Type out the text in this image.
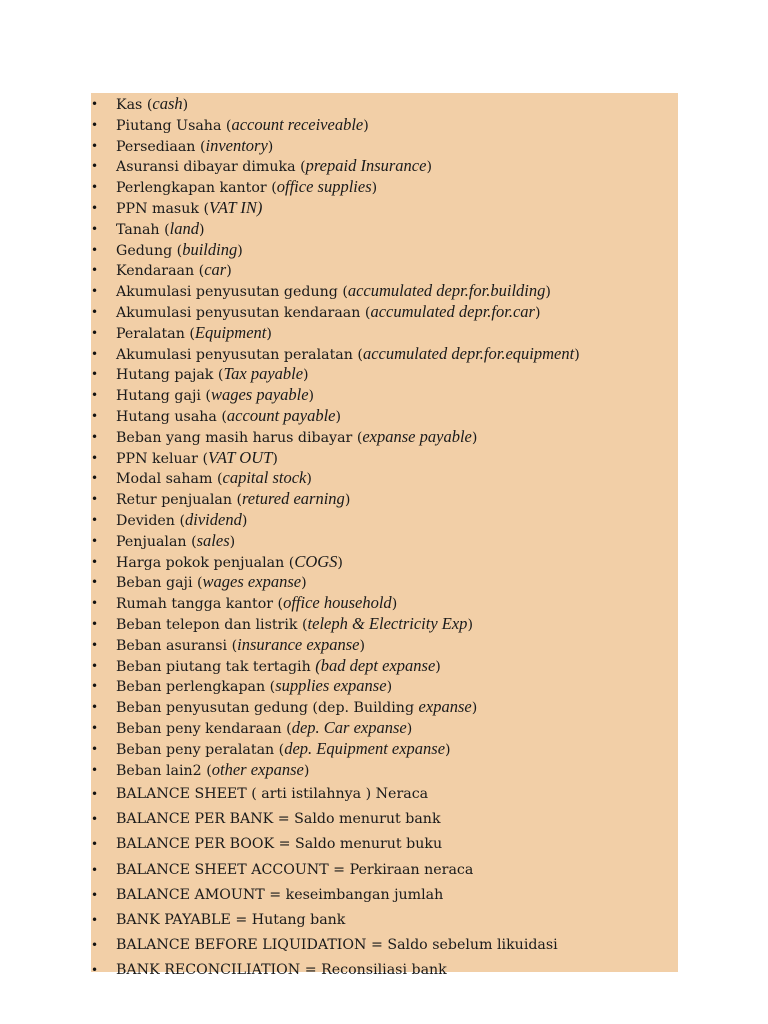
• Kas (cash)
• Piutang Usaha (account receiveable)
• Persediaan (inventory)
• Asuransi dibayar dimuka (prepaid Insurance)
• Perlengkapan kantor (office supplies)
• PPN masuk (VAT IN)
• Tanah (land)
• Gedung (building)
• Kendaraan (car)
• Akumulasi penyusutan gedung (accumulated depr.for.building)
• Akumulasi penyusutan kendaraan (accumulated depr.for.car)
• Peralatan (Equipment)
• Akumulasi penyusutan peralatan (accumulated depr.for.equipment)
• Hutang pajak (Tax payable)
• Hutang gaji (wages payable)
• Hutang usaha (account payable)
• Beban yang masih harus dibayar (expanse payable)
• PPN keluar (VAT OUT)
• Modal saham (capital stock)
• Retur penjualan (retured earning)
• Deviden (dividend)
• Penjualan (sales)
• Harga pokok penjualan (COGS)
• Beban gaji (wages expanse)
• Rumah tangga kantor (office household)
• Beban telepon dan listrik (teleph & Electricity Exp)
• Beban asuransi (insurance expanse)
• Beban piutang tak tertagih (bad dept expanse)
• Beban perlengkapan (supplies expanse)
• Beban penyusutan gedung (dep. Building expanse)
• Beban peny kendaraan (dep. Car expanse)
• Beban peny peralatan (dep. Equipment expanse)
• Beban lain2 (other expanse)
• BALANCE SHEET ( arti istilahnya ) Neraca
• BALANCE PER BANK = Saldo menurut bank
• BALANCE PER BOOK = Saldo menurut buku
• BALANCE SHEET ACCOUNT = Perkiraan neraca
• BALANCE AMOUNT = keseimbangan jumlah
• BANK PAYABLE = Hutang bank
• BALANCE BEFORE LIQUIDATION = Saldo sebelum likuidasi
• BANK RECONCILIATION = Reconsiliasi bank
